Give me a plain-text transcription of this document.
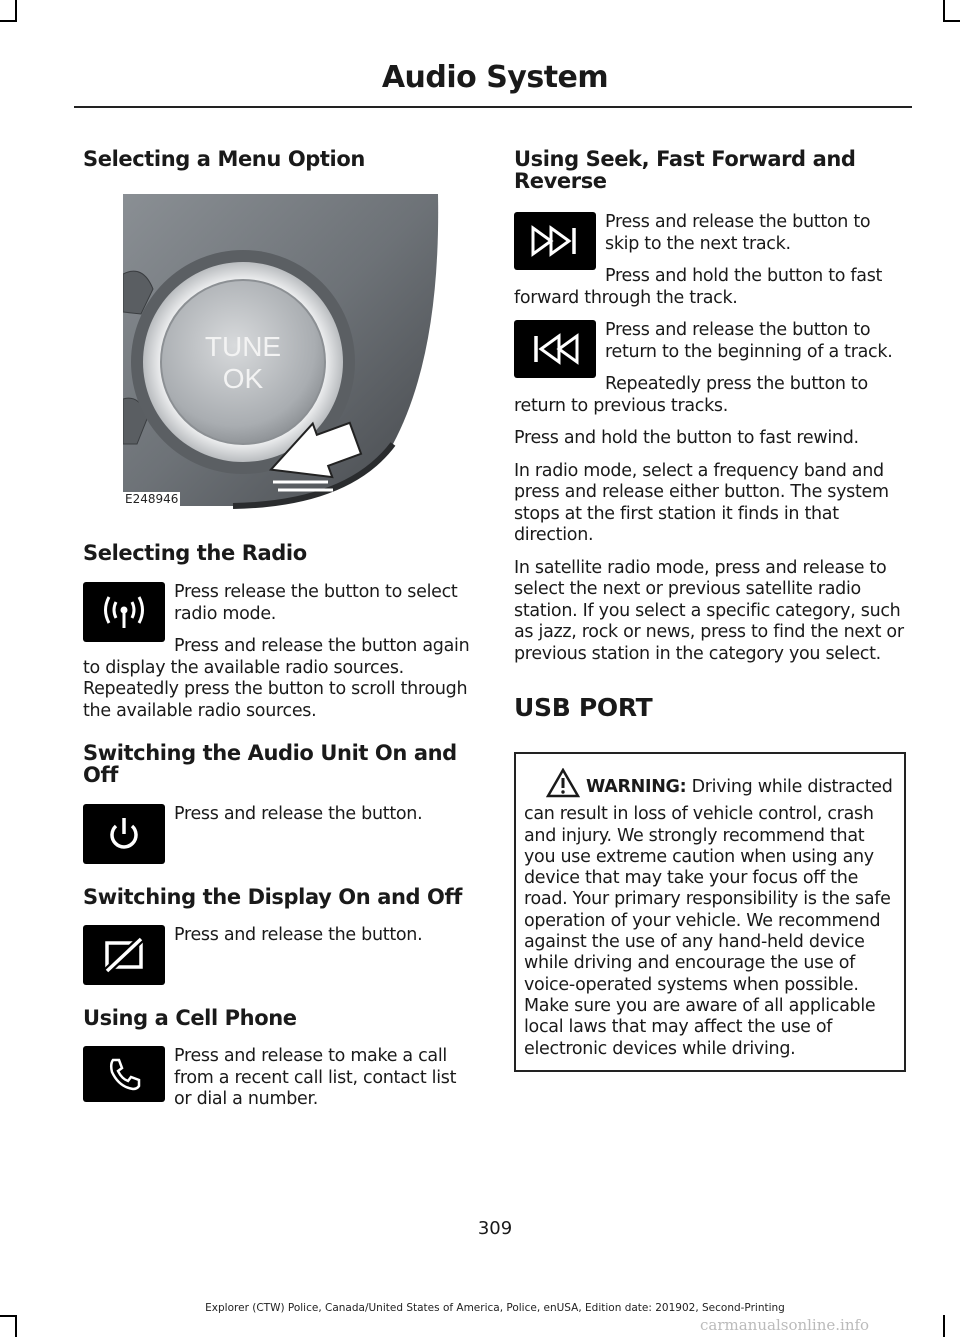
Audio System
Selecting a Menu Option
TUNE
OK
E248946
Selecting the Radio

Press release the button to select radio mode.

Press and release the button again to display the available radio sources. Repeatedly press the button to scroll through the available radio sources.

Switching the Audio Unit On and Off

Press and release the button.

Switching the Display On and Off

Press and release the button.

Using a Cell Phone

Press and release to make a call from a recent call list, contact list or dial a number.

Using Seek, Fast Forward and Reverse

Press and release the button to skip to the next track.

Press and hold the button to fast forward through the track.

Press and release the button to return to the beginning of a track.

Repeatedly press the button to return to previous tracks.

Press and hold the button to fast rewind.

In radio mode, select a frequency band and press and release either button. The system stops at the first station it finds in that direction.

In satellite radio mode, press and release to select the next or previous satellite radio station. If you select a specific category, such as jazz, rock or news, press to find the next or previous station in the category you select.

USB PORT

WARNING: Driving while distracted can result in loss of vehicle control, crash and injury. We strongly recommend that you use extreme caution when using any device that may take your focus off the road. Your primary responsibility is the safe operation of your vehicle. We recommend against the use of any hand-held device while driving and encourage the use of voice-operated systems when possible. Make sure you are aware of all applicable local laws that may affect the use of electronic devices while driving.

309
Explorer (CTW) Police, Canada/United States of America, Police, enUSA, Edition date: 201902, Second-Printing
carmanualsonline.info
